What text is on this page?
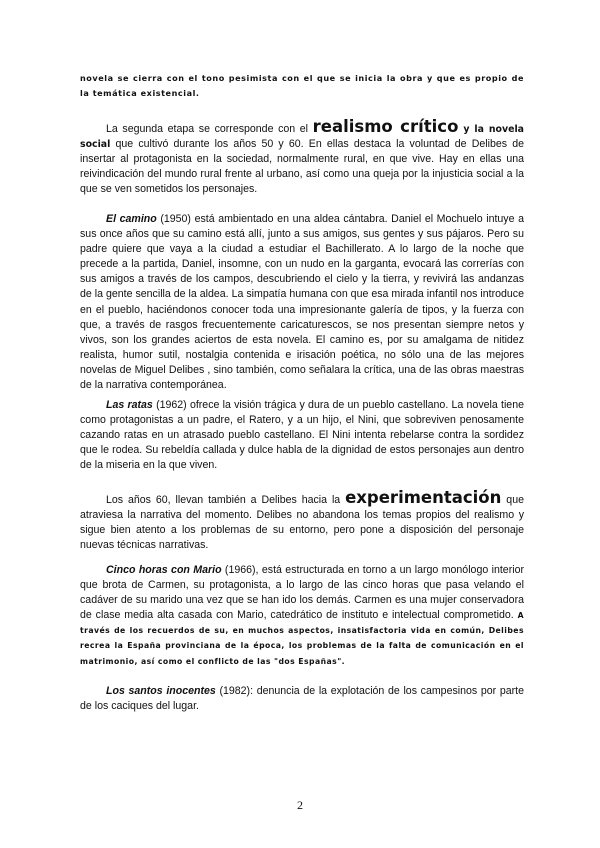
novela se cierra con el tono pesimista con el que se inicia la obra y que es propio de la temática existencial.

La segunda etapa se corresponde con el realismo crítico y la novela social que cultivó durante los años 50 y 60. En ellas destaca la voluntad de Delibes de insertar al protagonista en la sociedad, normalmente rural, en que vive. Hay en ellas una reivindicación del mundo rural frente al urbano, así como una queja por la injusticia social a la que se ven sometidos los personajes.

El camino (1950) está ambientado en una aldea cántabra. Daniel el Mochuelo intuye a sus once años que su camino está allí, junto a sus amigos, sus gentes y sus pájaros. Pero su padre quiere que vaya a la ciudad a estudiar el Bachillerato. A lo largo de la noche que precede a la partida, Daniel, insomne, con un nudo en la garganta, evocará las correrías con sus amigos a través de los campos, descubriendo el cielo y la tierra, y revivirá las andanzas de la gente sencilla de la aldea. La simpatía humana con que esa mirada infantil nos introduce en el pueblo, haciéndonos conocer toda una impresionante galería de tipos, y la fuerza con que, a través de rasgos frecuentemente caricaturescos, se nos presentan siempre netos y vivos, son los grandes aciertos de esta novela. El camino es, por su amalgama de nitidez realista, humor sutil, nostalgia contenida e irisación poética, no sólo una de las mejores novelas de Miguel Delibes , sino también, como señalara la crítica, una de las obras maestras de la narrativa contemporánea.

Las ratas (1962) ofrece la visión trágica y dura de un pueblo castellano. La novela tiene como protagonistas a un padre, el Ratero, y a un hijo, el Nini, que sobreviven penosamente cazando ratas en un atrasado pueblo castellano. El Nini intenta rebelarse contra la sordidez que le rodea. Su rebeldía callada y dulce habla de la dignidad de estos personajes aun dentro de la miseria en la que viven.

Los años 60, llevan también a Delibes hacia la experimentación que atraviesa la narrativa del momento. Delibes no abandona los temas propios del realismo y sigue bien atento a los problemas de su entorno, pero pone a disposición del personaje nuevas técnicas narrativas.

Cinco horas con Mario (1966), está estructurada en torno a un largo monólogo interior que brota de Carmen, su protagonista, a lo largo de las cinco horas que pasa velando el cadáver de su marido una vez que se han ido los demás. Carmen es una mujer conservadora de clase media alta casada con Mario, catedrático de instituto e intelectual comprometido. A través de los recuerdos de su, en muchos aspectos, insatisfactoria vida en común, Delibes recrea la España provinciana de la época, los problemas de la falta de comunicación en el matrimonio, así como el conflicto de las "dos Españas".

Los santos inocentes (1982): denuncia de la explotación de los campesinos por parte de los caciques del lugar.

2
